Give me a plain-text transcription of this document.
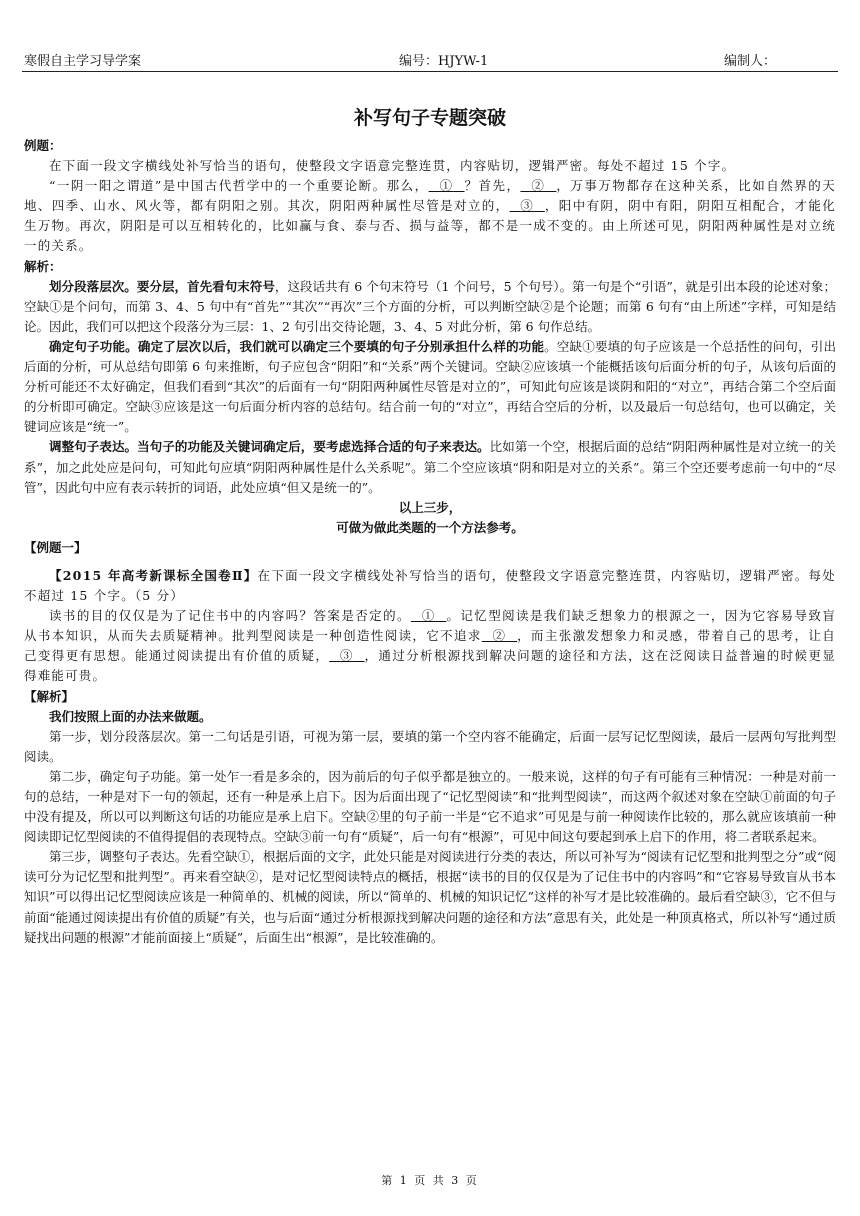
寒假自主学习导学案	编号：HJYW-1	编制人：
补写句子专题突破
例题：

在下面一段文字横线处补写恰当的语句，使整段文字语意完整连贯，内容贴切，逻辑严密。每处不超过 15 个字。

“一阴一阳之谓道”是中国古代哲学中的一个重要论断。那么， ① ？首先， ② ，万事万物都存在这种关系，比如自然界的天地、四季、山水、风火等，都有阴阳之别。其次，阴阳两种属性尽管是对立的， ③ ，阳中有阴，阴中有阳，阴阳互相配合，才能化生万物。再次，阴阳是可以互相转化的，比如赢与食、泰与否、损与益等，都不是一成不变的。由上所述可见，阴阳两种属性是对立统一的关系。

解析：

划分段落层次。要分层，首先看句末符号，这段话共有 6 个句末符号（1 个问号，5 个句号）。第一句是个“引语”，就是引出本段的论述对象；空缺①是个问句，而第 3、4、5 句中有“首先”“其次”“再次”三个方面的分析，可以判断空缺②是个论题；而第 6 句有“由上所述”字样，可知是结论。因此，我们可以把这个段落分为三层：1、2 句引出交待论题，3、4、5 对此分析，第 6 句作总结。

确定句子功能。确定了层次以后，我们就可以确定三个要填的句子分别承担什么样的功能。空缺①要填的句子应该是一个总括性的问句，引出后面的分析，可从总结句即第 6 句来推断，句子应包含“阴阳”和“关系”两个关键词。空缺②应该填一个能概括该句后面分析的句子，从该句后面的分析可能还不太好确定，但我们看到“其次”的后面有一句“阴阳两种属性尽管是对立的”，可知此句应该是谈阴和阳的“对立”，再结合第二个空后面的分析即可确定。空缺③应该是这一句后面分析内容的总结句。结合前一句的“对立”，再结合空后的分析，以及最后一句总结句，也可以确定，关键词应该是“统一”。

调整句子表达。当句子的功能及关键词确定后，要考虑选择合适的句子来表达。比如第一个空，根据后面的总结“阴阳两种属性是对立统一的关系”，加之此处应是问句，可知此句应填“阴阳两种属性是什么关系呢”。第二个空应该填“阴和阳是对立的关系”。第三个空还要考虑前一句中的“尽管”，因此句中应有表示转折的词语，此处应填“但又是统一的”。

以上三步，
可做为做此类题的一个方法参考。
【例题一】

【2015 年高考新课标全国卷Ⅱ】在下面一段文字横线处补写恰当的语句，使整段文字语意完整连贯，内容贴切，逻辑严密。每处不超过 15 个字。（5 分）

读书的目的仅仅是为了记住书中的内容吗？答案是否定的。 ① 。记忆型阅读是我们缺乏想象力的根源之一，因为它容易导致盲从书本知识，从而失去质疑精神。批判型阅读是一种创造性阅读，它不追求 ② ，而主张激发想象力和灵感，带着自己的思考，让自己变得更有思想。能通过阅读提出有价值的质疑， ③ ，通过分析根源找到解决问题的途径和方法，这在泛阅读日益普遍的时候更显得难能可贵。

【解析】

我们按照上面的办法来做题。

第一步，划分段落层次。第一二句话是引语，可视为第一层，要填的第一个空内容不能确定，后面一层写记忆型阅读，最后一层两句写批判型阅读。

第二步，确定句子功能。第一处乍一看是多余的，因为前后的句子似乎都是独立的。一般来说，这样的句子有可能有三种情况：一种是对前一句的总结，一种是对下一句的领起，还有一种是承上启下。因为后面出现了“记忆型阅读”和“批判型阅读”，而这两个叙述对象在空缺①前面的句子中没有提及，所以可以判断这句话的功能应是承上启下。空缺②里的句子前一半是“它不追求”可见是与前一种阅读作比较的，那么就应该填前一种阅读即记忆型阅读的不值得提倡的表现特点。空缺③前一句有“质疑”，后一句有“根源”，可见中间这句要起到承上启下的作用，将二者联系起来。

第三步，调整句子表达。先看空缺①，根据后面的文字，此处只能是对阅读进行分类的表达，所以可补写为“阅读有记忆型和批判型之分”或“阅读可分为记忆型和批判型”。再来看空缺②，是对记忆型阅读特点的概括，根据“读书的目的仅仅是为了记住书中的内容吗”和“它容易导致盲从书本知识”可以得出记忆型阅读应该是一种简单的、机械的阅读，所以“简单的、机械的知识记忆”这样的补写才是比较准确的。最后看空缺③，它不但与前面“能通过阅读提出有价值的质疑”有关，也与后面“通过分析根源找到解决问题的途径和方法”意思有关，此处是一种顶真格式，所以补写“通过质疑找出问题的根源”才能前面接上“质疑”，后面生出“根源”，是比较准确的。

第 1 页 共 3 页
